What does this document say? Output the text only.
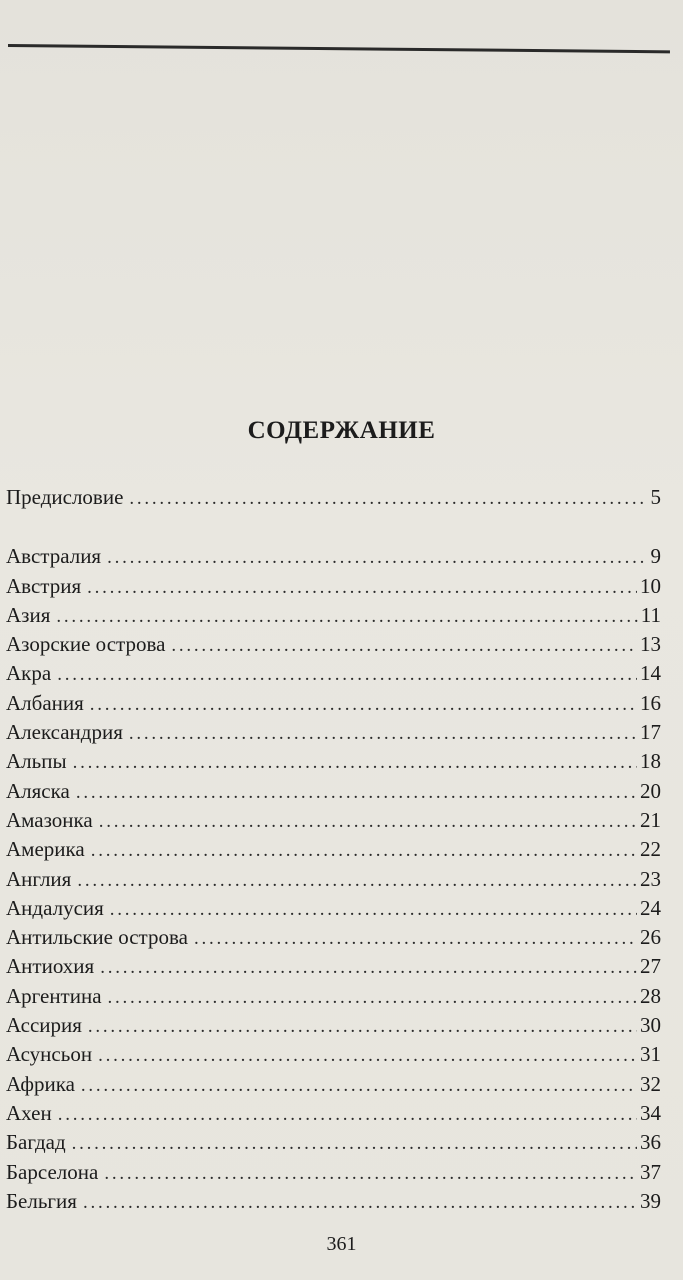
СОДЕРЖАНИЕ
Предисловие . . .	5
Австралия . . .	9
Австрия . . .	10
Азия . . .	11
Азорские острова . . .	13
Акра . . .	14
Албания . . .	16
Александрия . . .	17
Альпы . . .	18
Аляска . . .	20
Амазонка . . .	21
Америка . . .	22
Англия . . .	23
Андалусия . . .	24
Антильские острова . . .	26
Антиохия . . .	27
Аргентина . . .	28
Ассирия . . .	30
Асунсьон . . .	31
Африка . . .	32
Ахен . . .	34
Багдад . . .	36
Барселона . . .	37
Бельгия . . .	39
361
